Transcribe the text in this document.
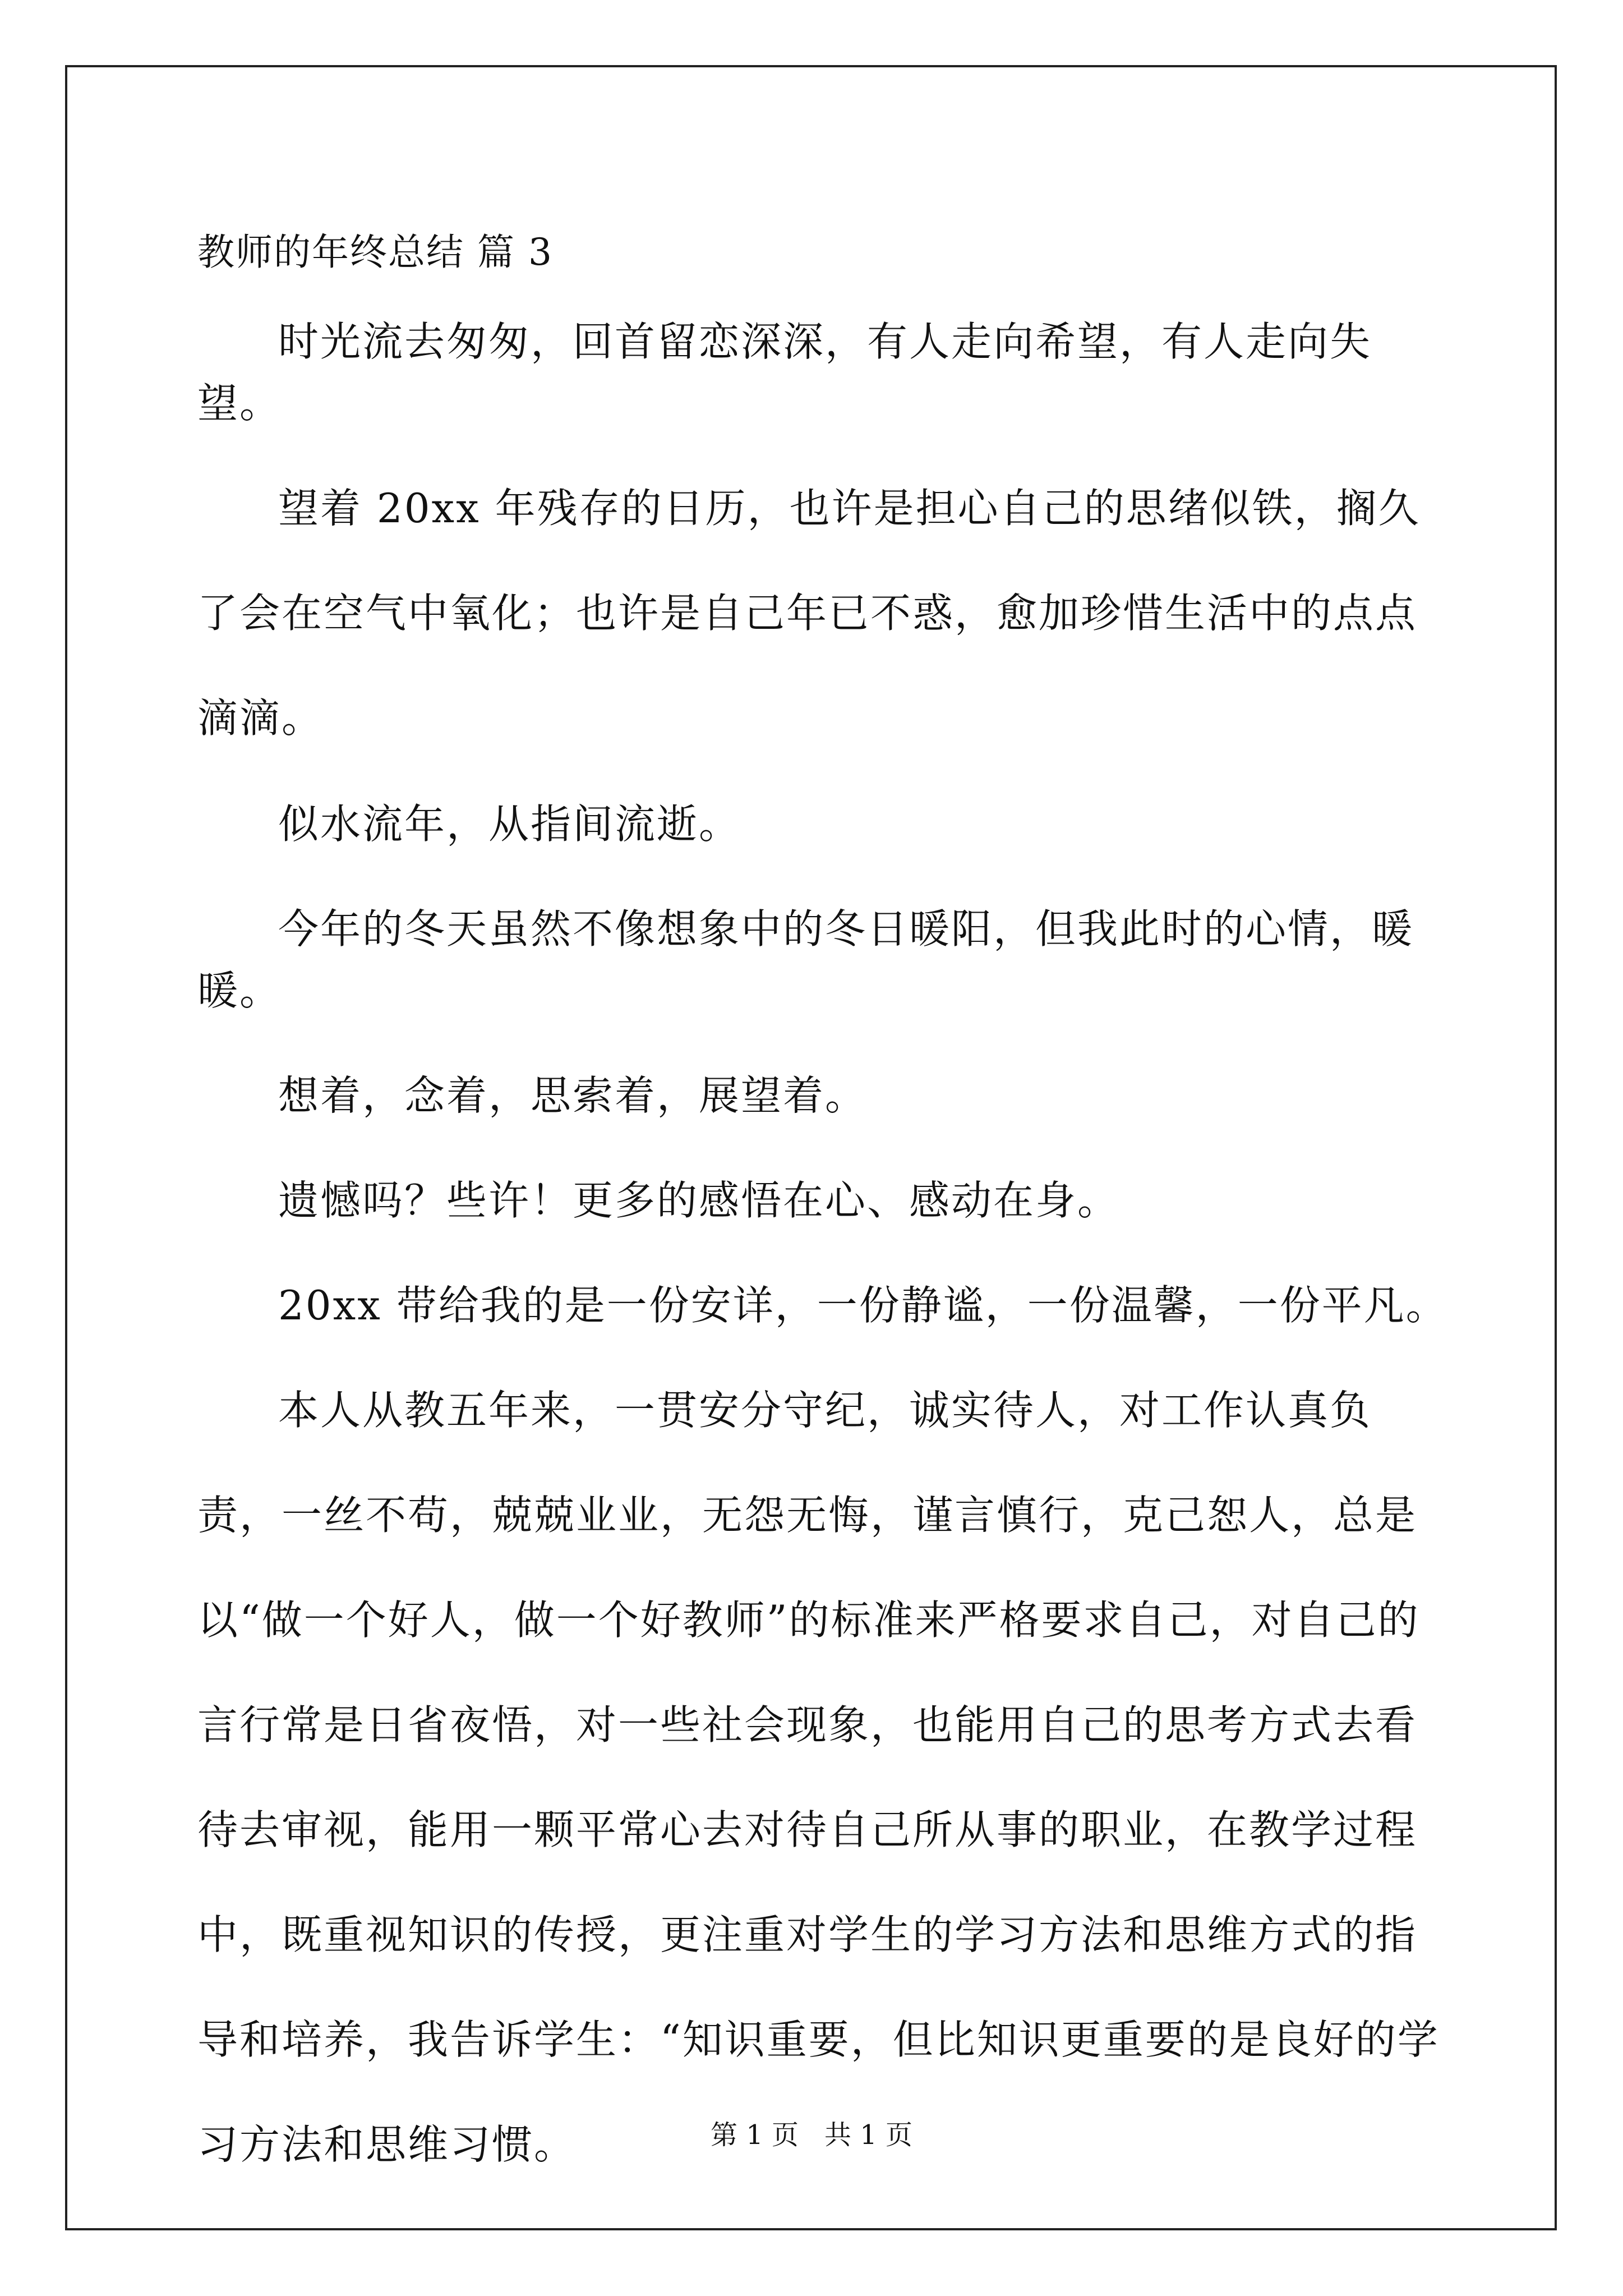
教师的年终总结 篇 3

时光流去匆匆，回首留恋深深，有人走向希望，有人走向失望。

望着 20xx 年残存的日历，也许是担心自己的思绪似铁，搁久了会在空气中氧化；也许是自己年已不惑，愈加珍惜生活中的点点滴滴。

似水流年，从指间流逝。

今年的冬天虽然不像想象中的冬日暖阳，但我此时的心情，暖暖。

想着，念着，思索着，展望着。

遗憾吗？些许！更多的感悟在心、感动在身。

20xx 带给我的是一份安详，一份静谧，一份温馨，一份平凡。

本人从教五年来，一贯安分守纪，诚实待人，对工作认真负责，一丝不苟，兢兢业业，无怨无悔，谨言慎行，克己恕人，总是以“做一个好人，做一个好教师”的标准来严格要求自己，对自己的言行常是日省夜悟，对一些社会现象，也能用自己的思考方式去看待去审视，能用一颗平常心去对待自己所从事的职业，在教学过程中，既重视知识的传授，更注重对学生的学习方法和思维方式的指导和培养，我告诉学生：“知识重要，但比知识更重要的是良好的学习方法和思维习惯。	第 1 页 共 1 页
